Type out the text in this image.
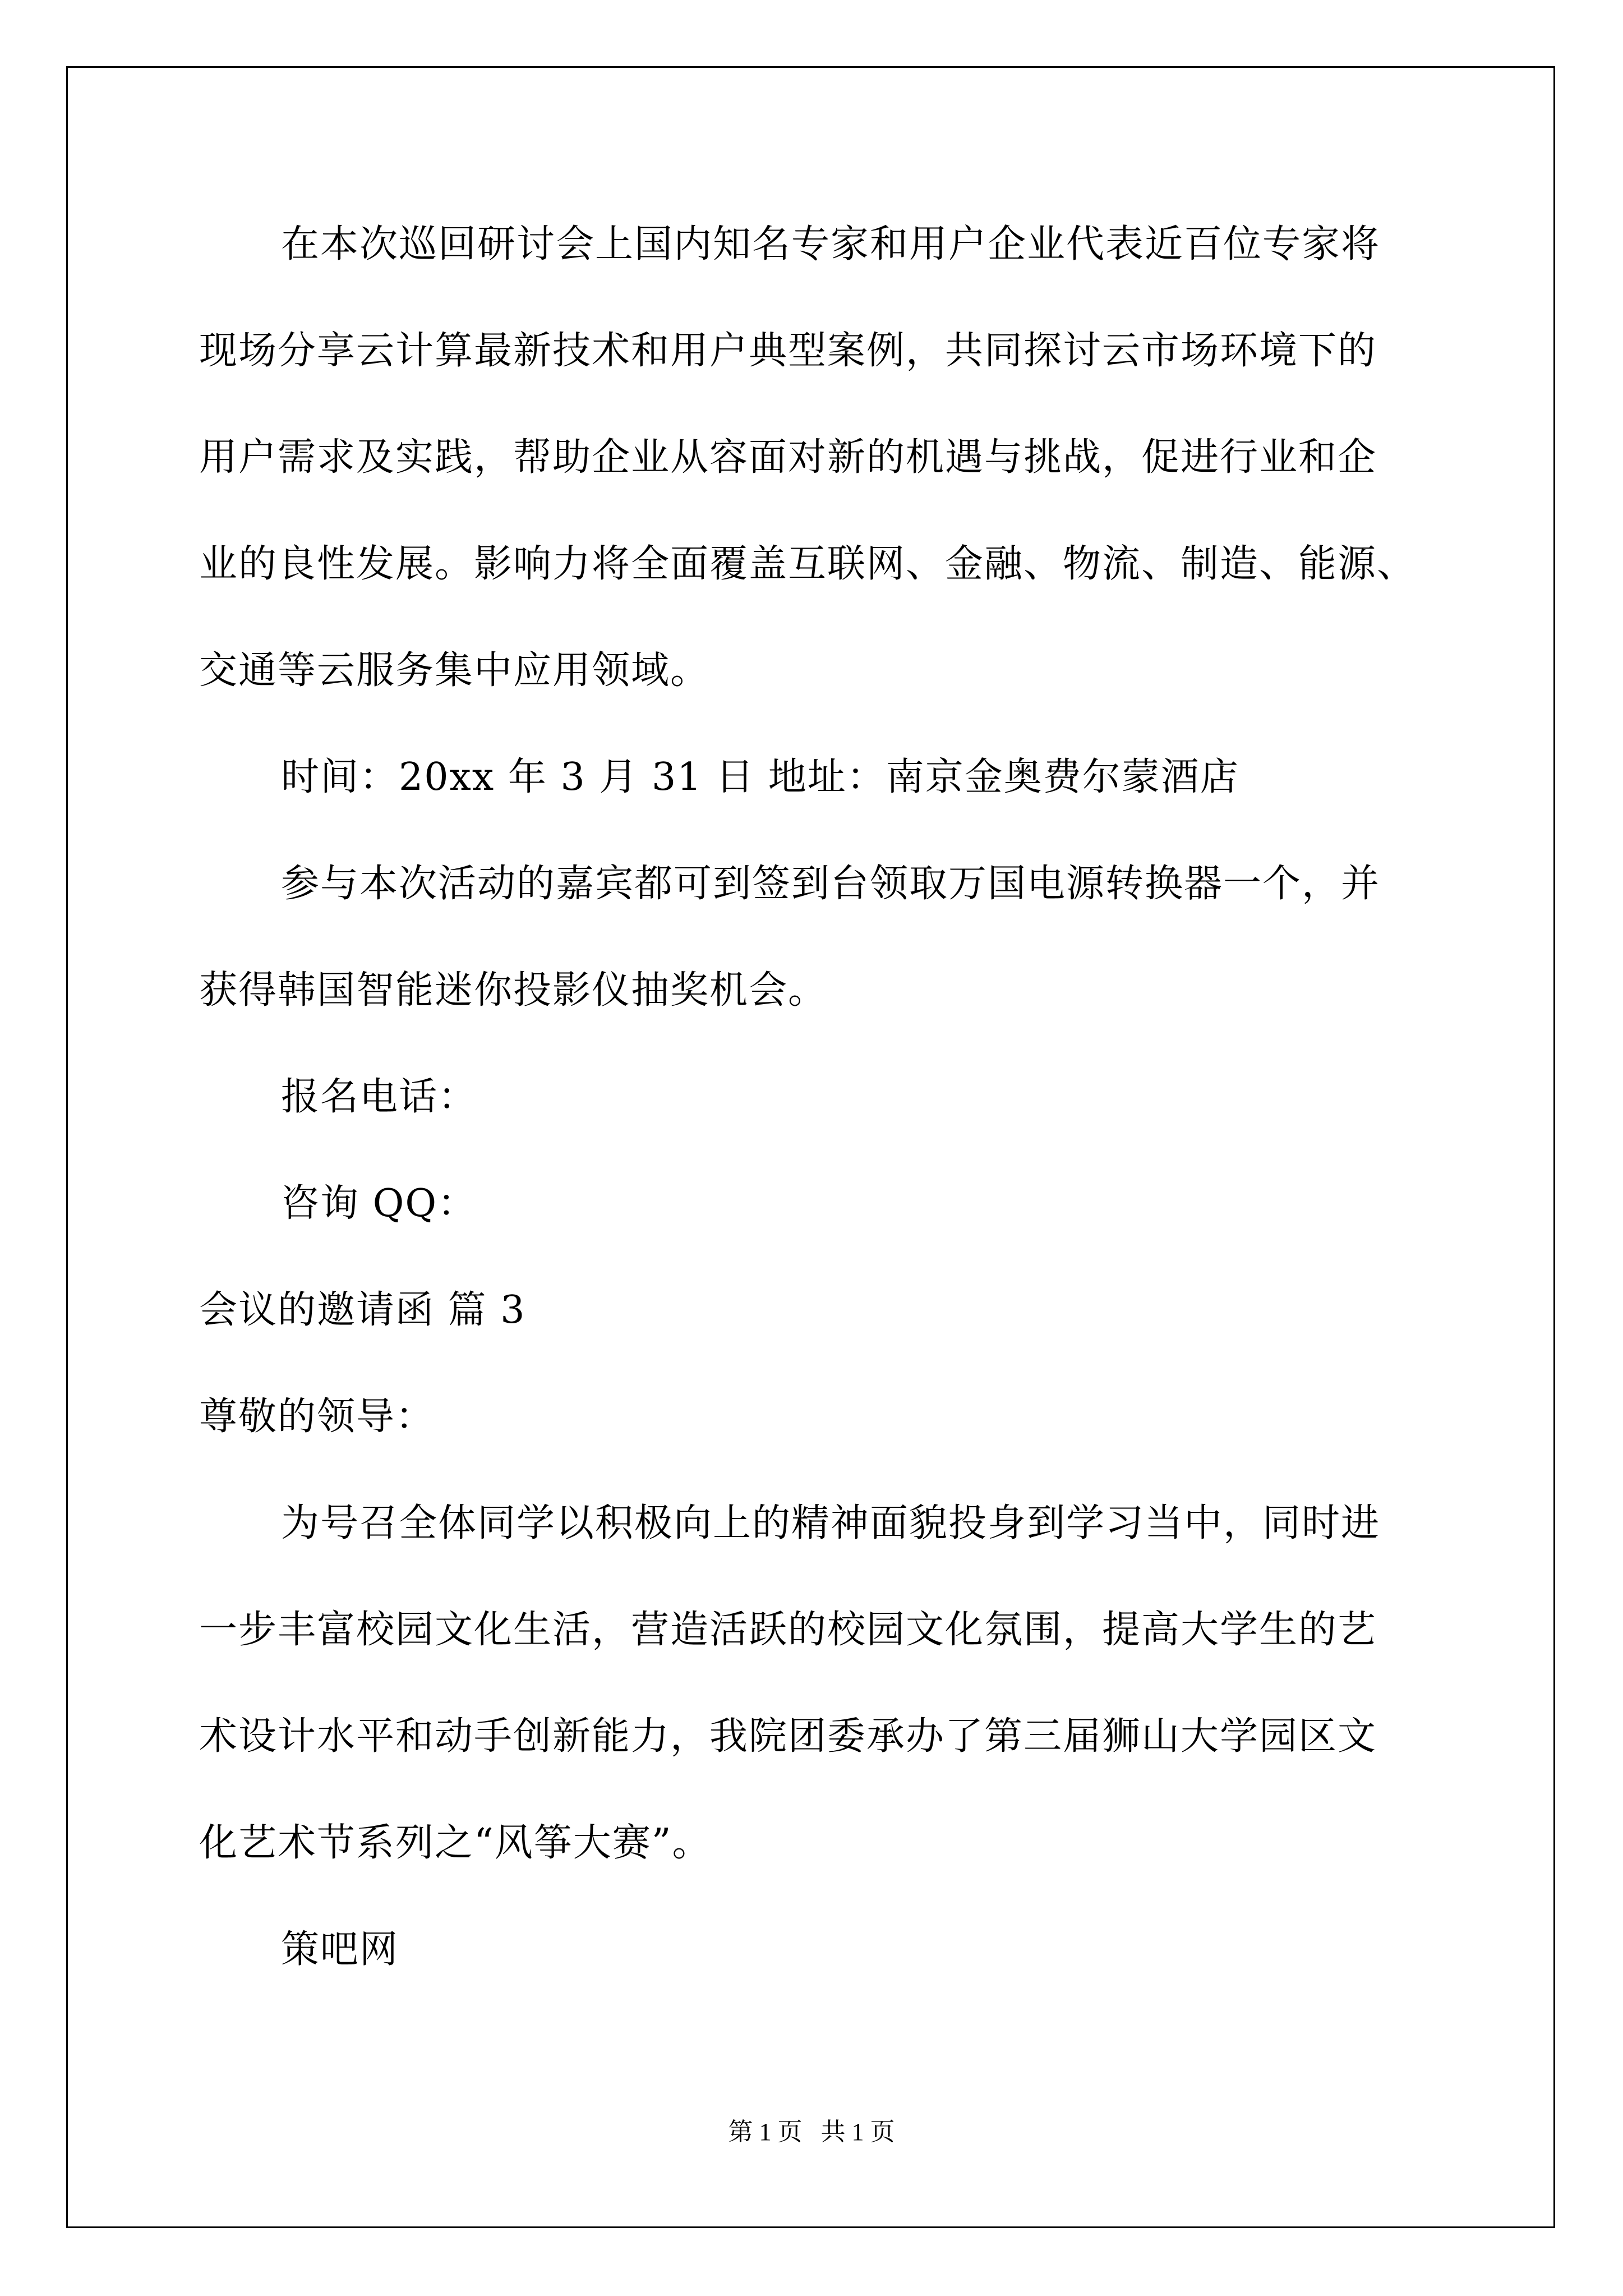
在本次巡回研讨会上国内知名专家和用户企业代表近百位专家将
现场分享云计算最新技术和用户典型案例，共同探讨云市场环境下的
用户需求及实践，帮助企业从容面对新的机遇与挑战，促进行业和企
业的良性发展。影响力将全面覆盖互联网、金融、物流、制造、能源、
交通等云服务集中应用领域。
时间：20xx 年 3 月 31 日 地址：南京金奥费尔蒙酒店
参与本次活动的嘉宾都可到签到台领取万国电源转换器一个，并
获得韩国智能迷你投影仪抽奖机会。
报名电话：
咨询 QQ：
会议的邀请函 篇 3
尊敬的领导：
为号召全体同学以积极向上的精神面貌投身到学习当中，同时进
一步丰富校园文化生活，营造活跃的校园文化氛围，提高大学生的艺
术设计水平和动手创新能力，我院团委承办了第三届狮山大学园区文
化艺术节系列之“风筝大赛”。
策吧网
第 1 页   共 1 页
